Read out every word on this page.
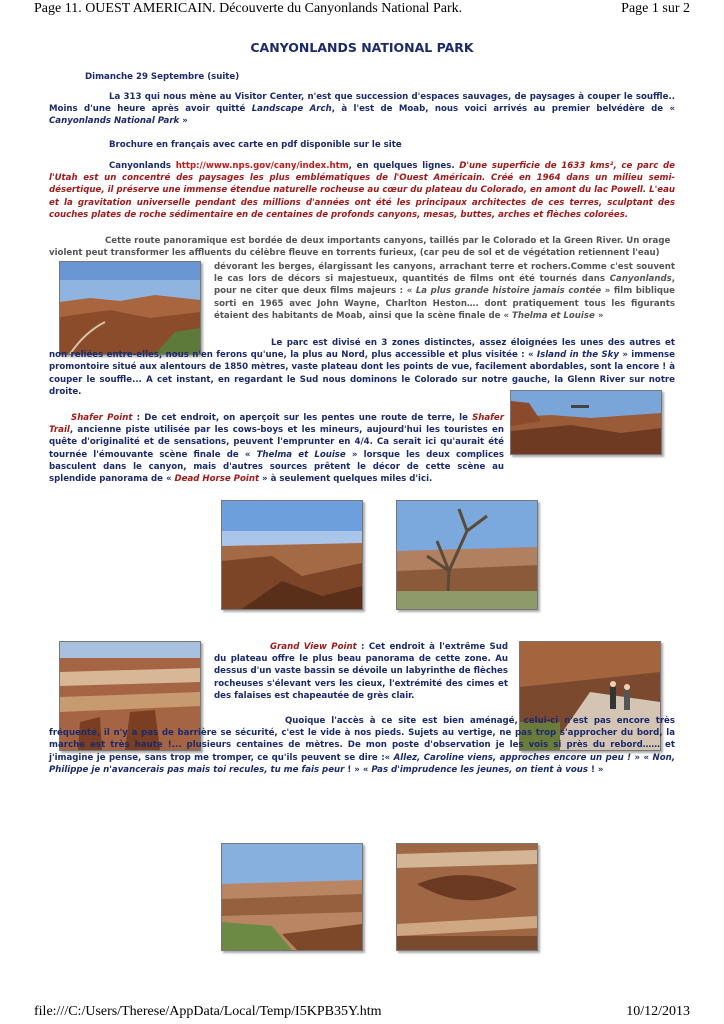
Page 11. OUEST AMERICAIN. Découverte du Canyonlands National Park.	Page 1 sur 2
CANYONLANDS NATIONAL PARK
Dimanche 29 Septembre (suite)
La 313 qui nous mène au Visitor Center, n'est que succession d'espaces sauvages, de paysages à couper le souffle.. Moins d'une heure après avoir quitté Landscape Arch, à l'est de Moab, nous voici arrivés au premier belvédère de « Canyonlands National Park »
Brochure en français avec carte en pdf disponible sur le site
Canyonlands http://www.nps.gov/cany/index.htm, en quelques lignes. D'une superficie de 1633 kms², ce parc de l'Utah est un concentré des paysages les plus emblématiques de l'Ouest Américain. Créé en 1964 dans un milieu semi-désertique, il préserve une immense étendue naturelle rocheuse au cœur du plateau du Colorado, en amont du lac Powell. L'eau et la gravitation universelle pendant des millions d'années ont été les principaux architectes de ces terres, sculptant des couches plates de roche sédimentaire en de centaines de profonds canyons, mesas, buttes, arches et flèches colorées.
Cette route panoramique est bordée de deux importants canyons, taillés par le Colorado et la Green River. Un orage
violent peut transformer les affluents du célèbre fleuve en torrents furieux, (car peu de sol et de végétation retiennent l'eau)
dévorant les berges, élargissant les canyons, arrachant terre et rochers.Comme c'est souvent le cas lors de décors si majestueux, quantités de films ont été tournés dans Canyonlands, pour ne citer que deux films majeurs : « La plus grande histoire jamais contée » film biblique sorti en 1965 avec John Wayne, Charlton Heston…. dont pratiquement tous les figurants étaient des habitants de Moab, ainsi que la scène finale de « Thelma et Louise »
Le parc est divisé en 3 zones distinctes, assez éloignées les unes des autres et non reliées entre-elles, nous n'en ferons qu'une, la plus au Nord, plus accessible et plus visitée : « Island in the Sky » immense promontoire situé aux alentours de 1850 mètres, vaste plateau dont les points de vue, facilement abordables, sont la encore ! à couper le souffle... A cet instant, en regardant le Sud nous dominons le Colorado sur notre gauche, la Glenn River sur notre droite.
Shafer Point : De cet endroit, on aperçoit sur les pentes une route de terre, le Shafer Trail, ancienne piste utilisée par les cows-boys et les mineurs, aujourd'hui les touristes en quête d'originalité et de sensations, peuvent l'emprunter en 4/4. Ca serait ici qu'aurait été tournée l'émouvante scène finale de « Thelma et Louise » lorsque les deux complices basculent dans le canyon, mais d'autres sources prêtent le décor de cette scène au splendide panorama de « Dead Horse Point » à seulement quelques miles d'ici.
Grand View Point : Cet endroit à l'extrême Sud du plateau offre le plus beau panorama de cette zone. Au dessus d'un vaste bassin se dévoile un labyrinthe de flèches rocheuses s'élevant vers les cieux, l'extrémité des cimes et des falaises est chapeautée de grès clair.
Quoique l'accès à ce site est bien aménagé, celui-ci n'est pas encore très fréquenté, il n'y a pas de barrière se sécurité, c'est le vide à nos pieds. Sujets au vertige, ne pas trop s'approcher du bord, la marche est très haute !... plusieurs centaines de mètres. De mon poste d'observation je les vois si près du rebord…… et j'imagine je pense, sans trop me tromper, ce qu'ils peuvent se dire :« Allez, Caroline viens, approches encore un peu ! » « Non, Philippe je n'avancerais pas mais toi recules, tu me fais peur ! » « Pas d'imprudence les jeunes, on tient à vous ! »
file:///C:/Users/Therese/AppData/Local/Temp/I5KPB35Y.htm	10/12/2013
